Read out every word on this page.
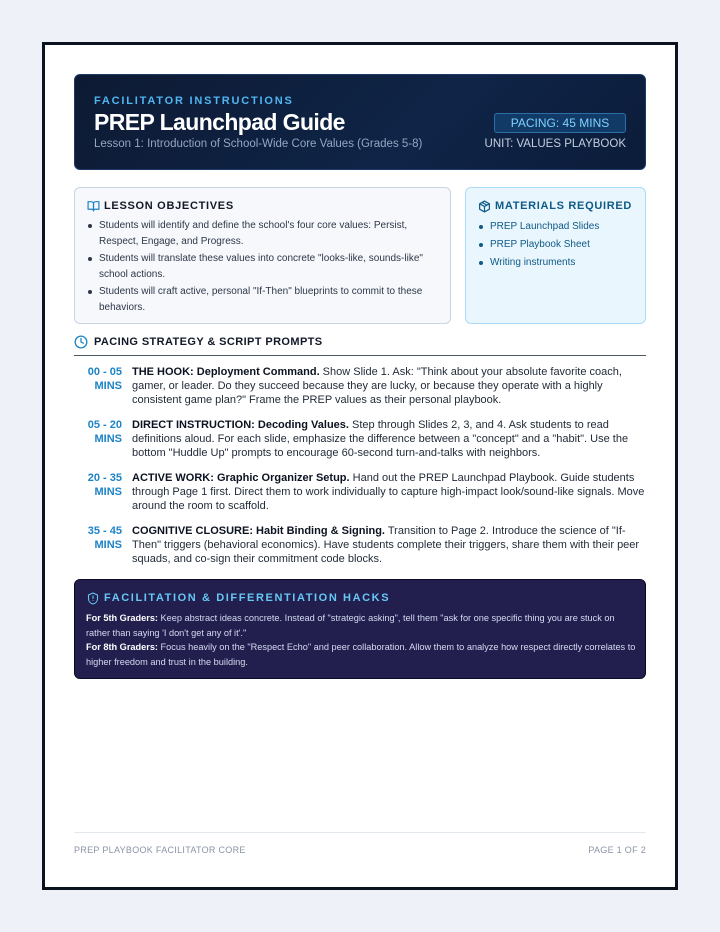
FACILITATOR INSTRUCTIONS
PREP Launchpad Guide
Lesson 1: Introduction of School-Wide Core Values (Grades 5-8)
PACING: 45 MINS
UNIT: VALUES PLAYBOOK
LESSON OBJECTIVES
Students will identify and define the school's four core values: Persist, Respect, Engage, and Progress.
Students will translate these values into concrete "looks-like, sounds-like" school actions.
Students will craft active, personal "If-Then" blueprints to commit to these behaviors.
MATERIALS REQUIRED
PREP Launchpad Slides
PREP Playbook Sheet
Writing instruments
PACING STRATEGY & SCRIPT PROMPTS
00 - 05
MINS
THE HOOK: Deployment Command. Show Slide 1. Ask: "Think about your absolute favorite coach, gamer, or leader. Do they succeed because they are lucky, or because they operate with a highly consistent game plan?" Frame the PREP values as their personal playbook.
05 - 20
MINS
DIRECT INSTRUCTION: Decoding Values. Step through Slides 2, 3, and 4. Ask students to read definitions aloud. For each slide, emphasize the difference between a "concept" and a "habit". Use the bottom "Huddle Up" prompts to encourage 60-second turn-and-talks with neighbors.
20 - 35
MINS
ACTIVE WORK: Graphic Organizer Setup. Hand out the PREP Launchpad Playbook. Guide students through Page 1 first. Direct them to work individually to capture high-impact look/sound-like signals. Move around the room to scaffold.
35 - 45
MINS
COGNITIVE CLOSURE: Habit Binding & Signing. Transition to Page 2. Introduce the science of "If-Then" triggers (behavioral economics). Have students complete their triggers, share them with their peer squads, and co-sign their commitment code blocks.
FACILITATION & DIFFERENTIATION HACKS
For 5th Graders: Keep abstract ideas concrete. Instead of "strategic asking", tell them "ask for one specific thing you are stuck on rather than saying 'I don't get any of it'."
For 8th Graders: Focus heavily on the "Respect Echo" and peer collaboration. Allow them to analyze how respect directly correlates to higher freedom and trust in the building.
PREP PLAYBOOK FACILITATOR CORE	PAGE 1 OF 2
